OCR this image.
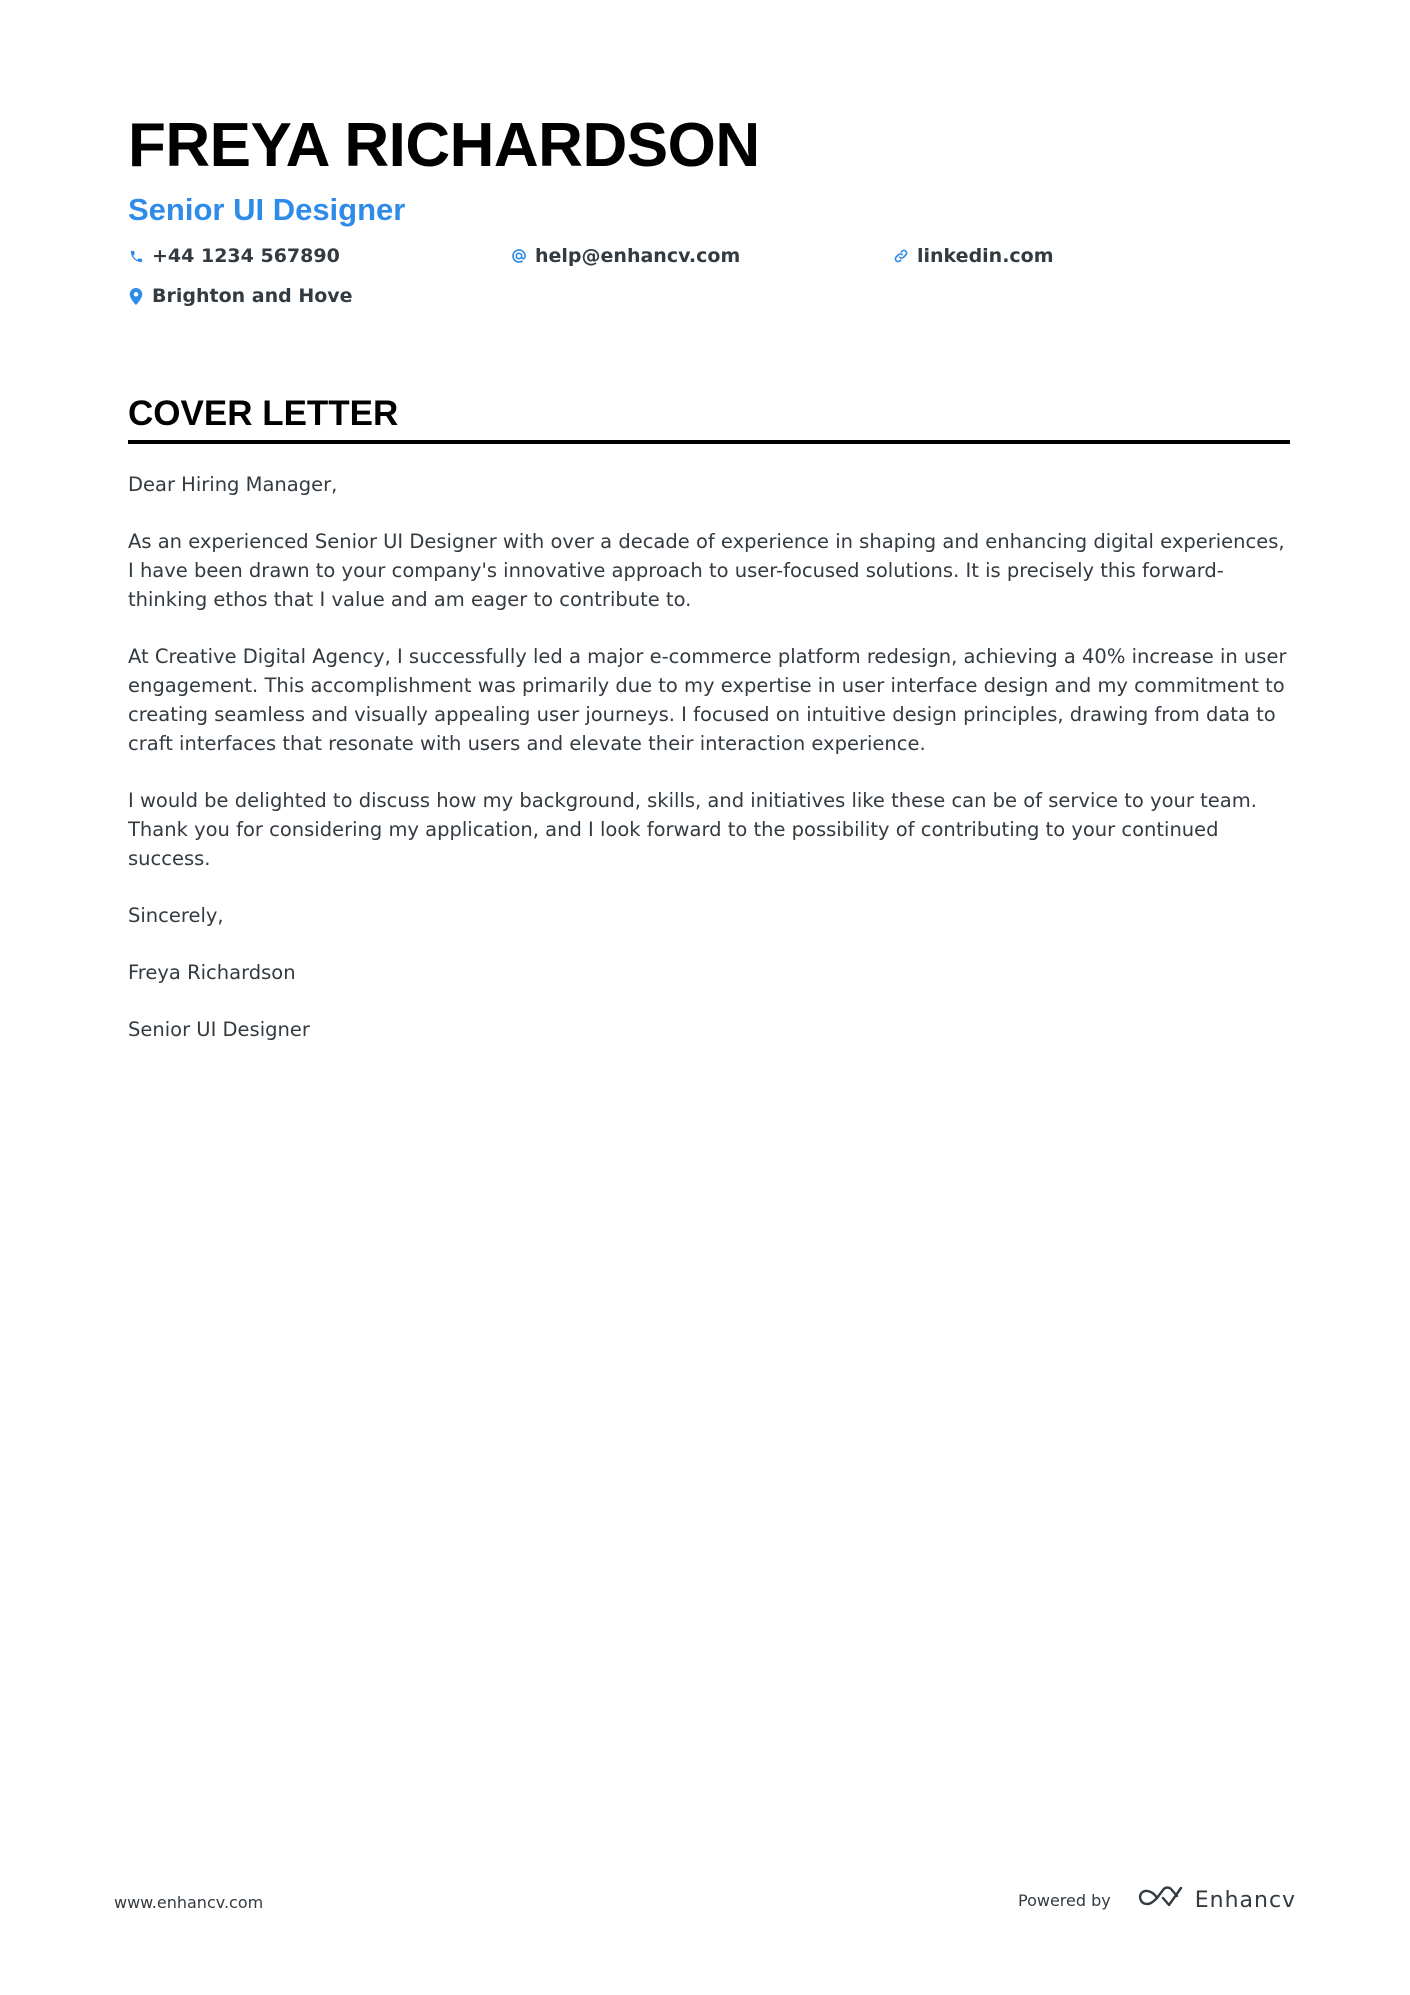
FREYA RICHARDSON
Senior UI Designer
+44 1234 567890	help@enhancv.com	linkedin.com
Brighton and Hove
COVER LETTER

Dear Hiring Manager,

As an experienced Senior UI Designer with over a decade of experience in shaping and enhancing digital experiences, I have been drawn to your company's innovative approach to user-focused solutions. It is precisely this forward-thinking ethos that I value and am eager to contribute to.

At Creative Digital Agency, I successfully led a major e-commerce platform redesign, achieving a 40% increase in user engagement. This accomplishment was primarily due to my expertise in user interface design and my commitment to creating seamless and visually appealing user journeys. I focused on intuitive design principles, drawing from data to craft interfaces that resonate with users and elevate their interaction experience.

I would be delighted to discuss how my background, skills, and initiatives like these can be of service to your team. Thank you for considering my application, and I look forward to the possibility of contributing to your continued success.

Sincerely,

Freya Richardson

Senior UI Designer

www.enhancv.com	Powered by	Enhancv
